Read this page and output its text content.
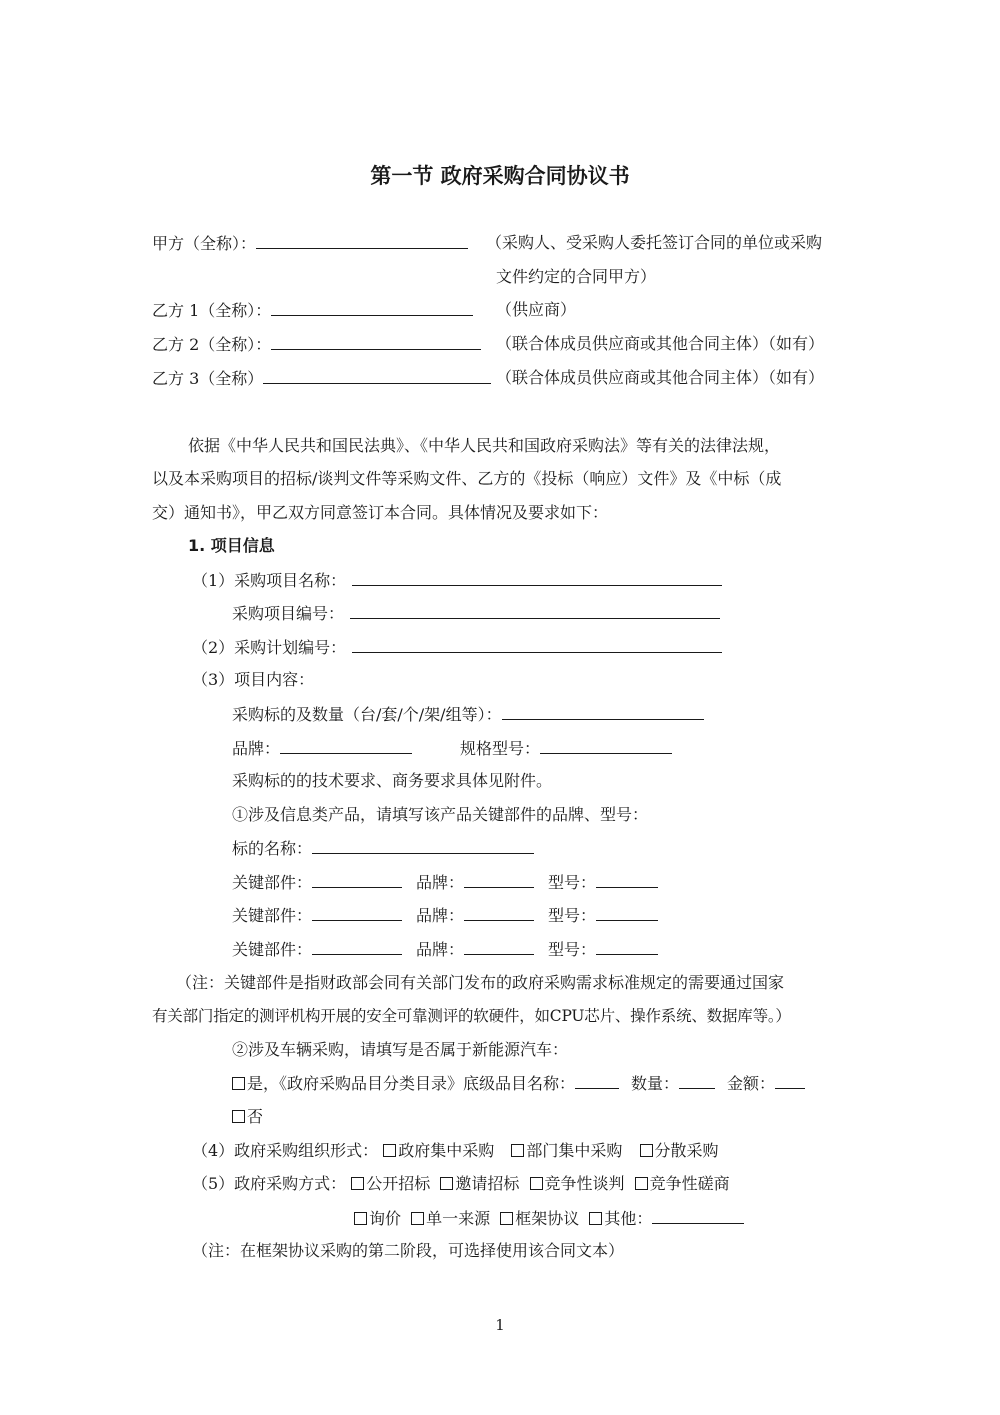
第一节 政府采购合同协议书
甲方（全称）：	（采购人、受采购人委托签订合同的单位或采购
文件约定的合同甲方）
乙方 1（全称）：	（供应商）
乙方 2（全称）：	（联合体成员供应商或其他合同主体）（如有）
乙方 3（全称）	（联合体成员供应商或其他合同主体）（如有）
依据《中华人民共和国民法典》、《中华人民共和国政府采购法》等有关的法律法规，
以及本采购项目的招标/谈判文件等采购文件、乙方的《投标（响应）文件》及《中标（成
交）通知书》，甲乙双方同意签订本合同。具体情况及要求如下：
1. 项目信息
（1）采购项目名称：
采购项目编号：
（2）采购计划编号：
（3）项目内容：
采购标的及数量（台/套/个/架/组等）：
品牌：	规格型号：
采购标的的技术要求、商务要求具体见附件。
①涉及信息类产品，请填写该产品关键部件的品牌、型号：
标的名称：
关键部件：	品牌：	型号：
关键部件：	品牌：	型号：
关键部件：	品牌：	型号：
（注：关键部件是指财政部会同有关部门发布的政府采购需求标准规定的需要通过国家
有关部门指定的测评机构开展的安全可靠测评的软硬件，如CPU芯片、操作系统、数据库等。）
②涉及车辆采购，请填写是否属于新能源汽车：
是，《政府采购品目分类目录》底级品目名称：	数量：	金额：
否
（4）政府采购组织形式： 政府集中采购 部门集中采购 分散采购
（5）政府采购方式： 公开招标 邀请招标 竞争性谈判 竞争性磋商
询价 单一来源 框架协议 其他：
（注：在框架协议采购的第二阶段，可选择使用该合同文本）
1
